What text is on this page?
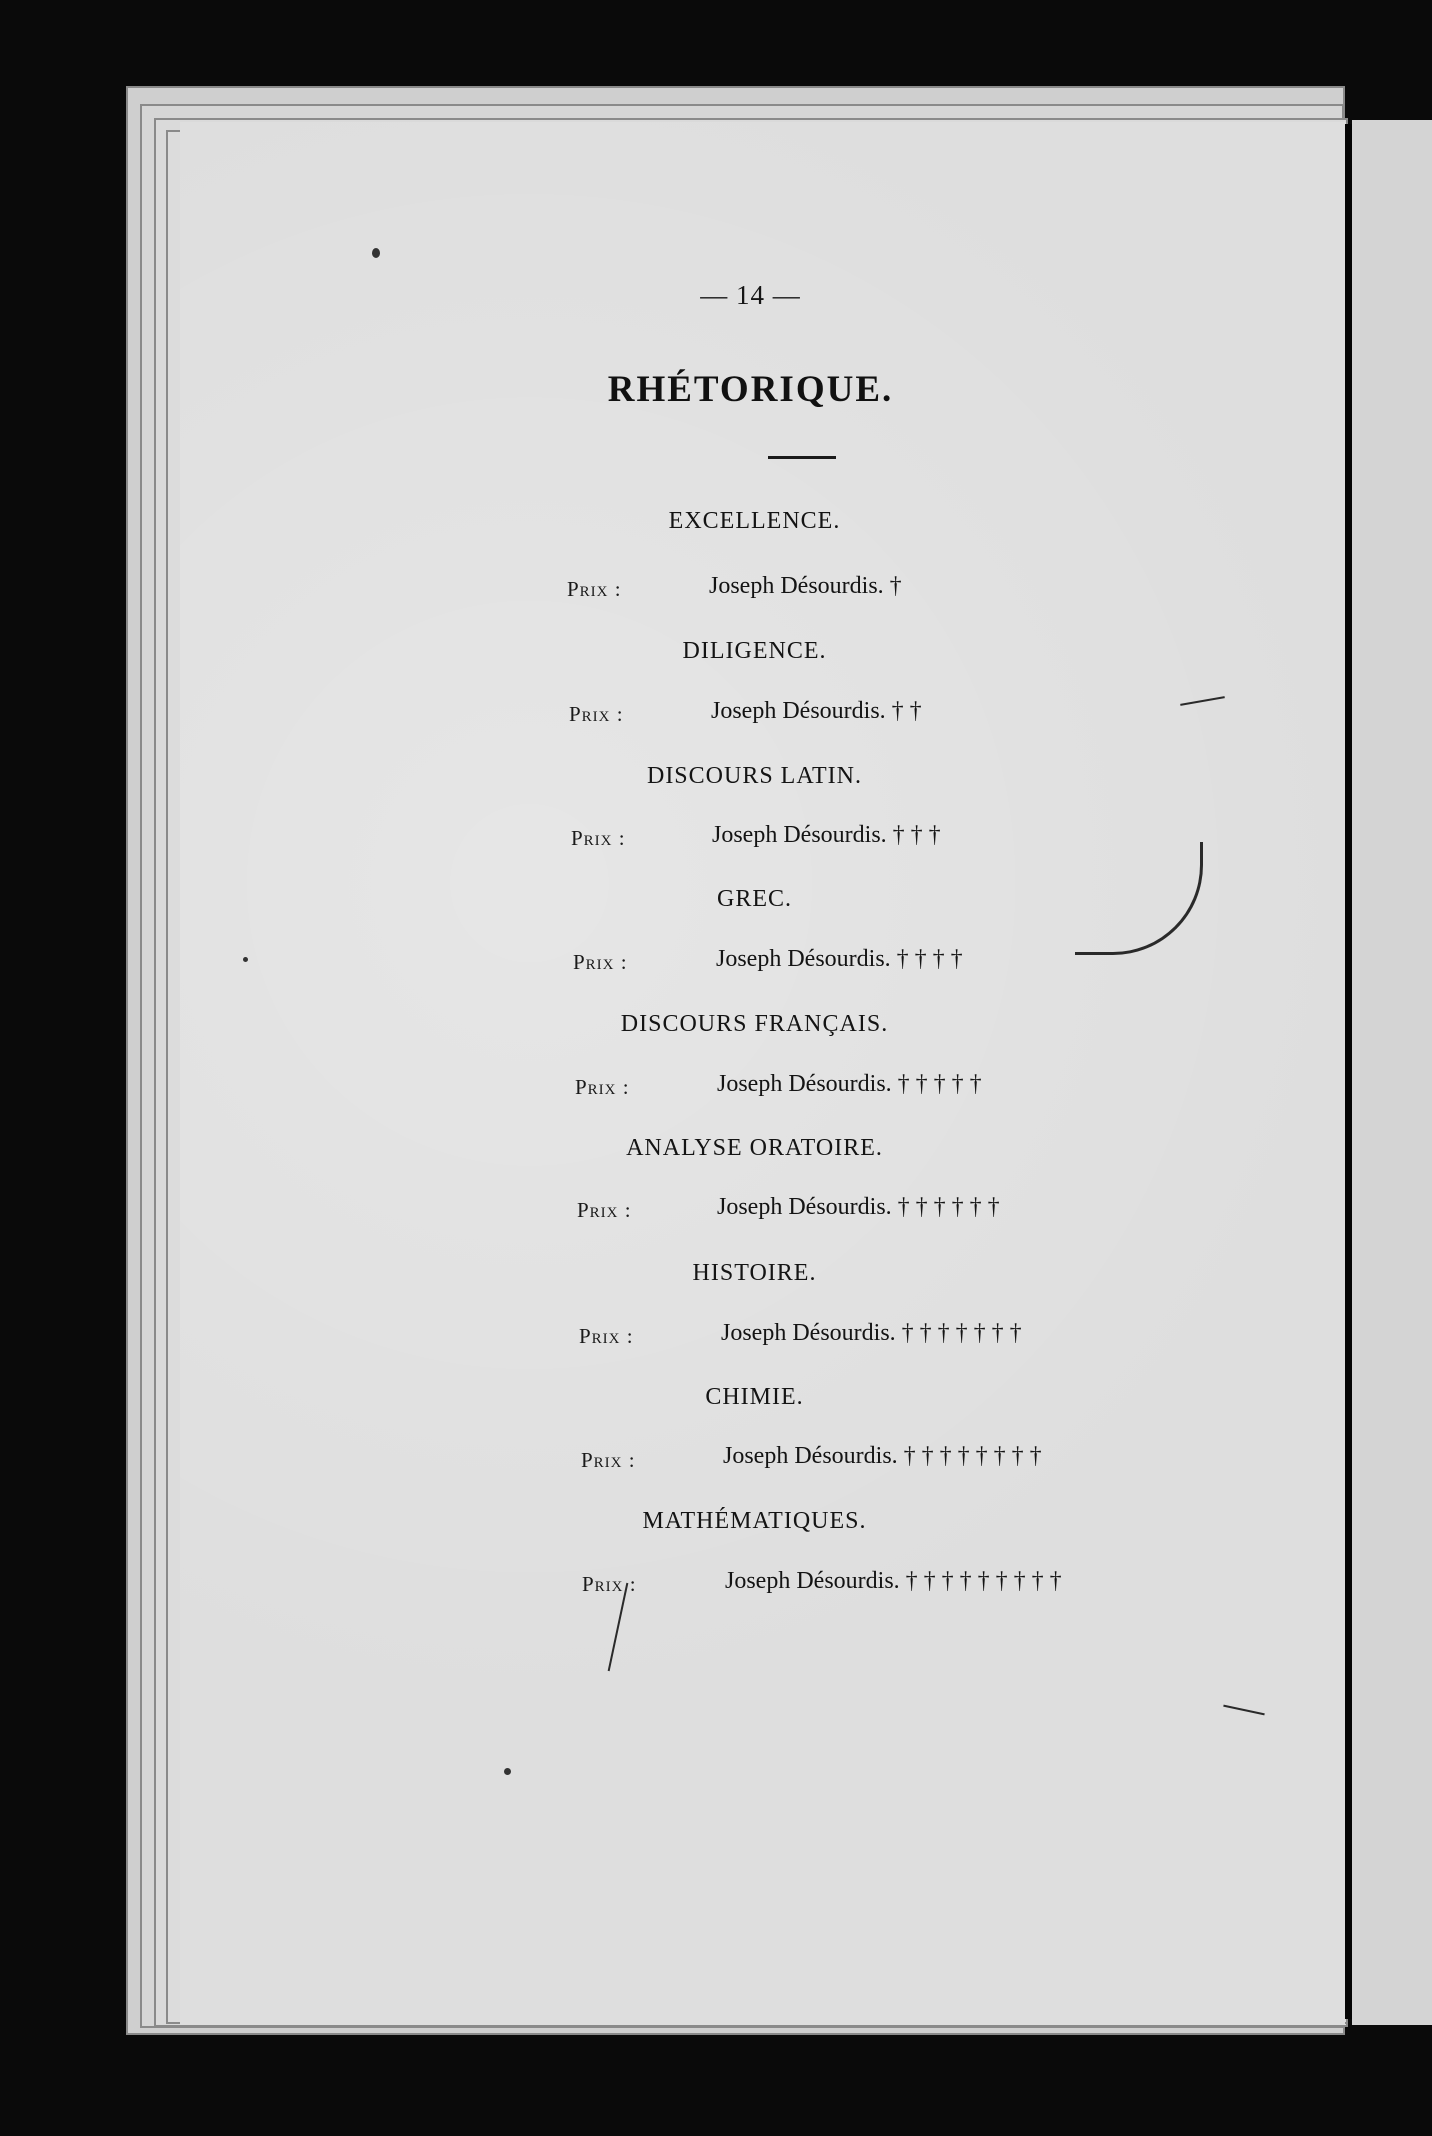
— 14 —
RHÉTORIQUE.
EXCELLENCE.
Prix :	Joseph Désourdis. †
DILIGENCE.
Prix :	Joseph Désourdis. ††
DISCOURS LATIN.
Prix :	Joseph Désourdis. †††
GREC.
Prix :	Joseph Désourdis. ††††
DISCOURS FRANÇAIS.
Prix :	Joseph Désourdis. †††††
ANALYSE ORATOIRE.
Prix :	Joseph Désourdis. ††††††
HISTOIRE.
Prix :	Joseph Désourdis. †††††††
CHIMIE.
Prix :	Joseph Désourdis. ††††††††
MATHÉMATIQUES.
Prix :	Joseph Désourdis. †††††††††
